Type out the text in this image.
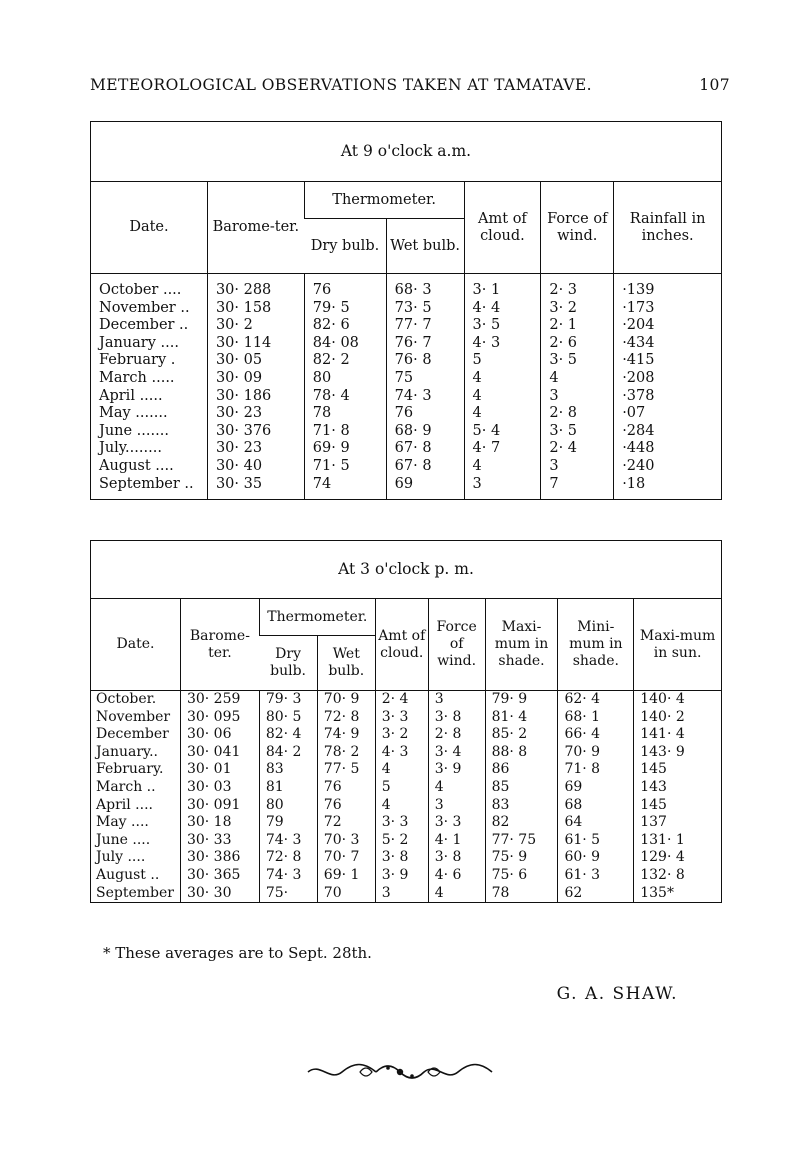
METEOROLOGICAL OBSERVATIONS TAKEN AT TAMATAVE.	107
At 9 o'clock a.m.						
Date.	Barome-ter.	Thermometer.		Amt of cloud.	Force of wind.	Rainfall in inches.
		Dry bulb.	Wet bulb.			
October ....	30· 288	76	68· 3	3· 1	2· 3	·139
November ..	30· 158	79· 5	73· 5	4· 4	3· 2	·173
December ..	30· 2	82· 6	77· 7	3· 5	2· 1	·204
January ....	30· 114	84· 08	76· 7	4· 3	2· 6	·434
February .	30· 05	82· 2	76· 8	5	3· 5	·415
March .....	30· 09	80	75	4	4	·208
April .....	30· 186	78· 4	74· 3	4	3	·378
May .......	30· 23	78	76	4	2· 8	·07
June .......	30· 376	71· 8	68· 9	5· 4	3· 5	·284
July........	30· 23	69· 9	67· 8	4· 7	2· 4	·448
August ....	30· 40	71· 5	67· 8	4	3	·240
September ..	30· 35	74	69	3	7	·18
At 3 o'clock p. m.								
Date.	Barome-ter.	Thermometer.		Amt of cloud.	Force of wind.	Maxi-mum in shade.	Mini-mum in shade.	Maxi-mum in sun.
		Dry bulb.	Wet bulb.					
October.	30· 259	79· 3	70· 9	2· 4	3	79· 9	62· 4	140· 4
November	30· 095	80· 5	72· 8	3· 3	3· 8	81· 4	68· 1	140· 2
December	30· 06	82· 4	74· 9	3· 2	2· 8	85· 2	66· 4	141· 4
January..	30· 041	84· 2	78· 2	4· 3	3· 4	88· 8	70· 9	143· 9
February.	30· 01	83	77· 5	4	3· 9	86	71· 8	145
March ..	30· 03	81	76	5	4	85	69	143
April ....	30· 091	80	76	4	3	83	68	145
May ....	30· 18	79	72	3· 3	3· 3	82	64	137
June ....	30· 33	74· 3	70· 3	5· 2	4· 1	77· 75	61· 5	131· 1
July ....	30· 386	72· 8	70· 7	3· 8	3· 8	75· 9	60· 9	129· 4
August ..	30· 365	74· 3	69· 1	3· 9	4· 6	75· 6	61· 3	132· 8
September	30· 30	75·	70	3	4	78	62	135*
* These averages are to Sept. 28th.
G. A. SHAW.
